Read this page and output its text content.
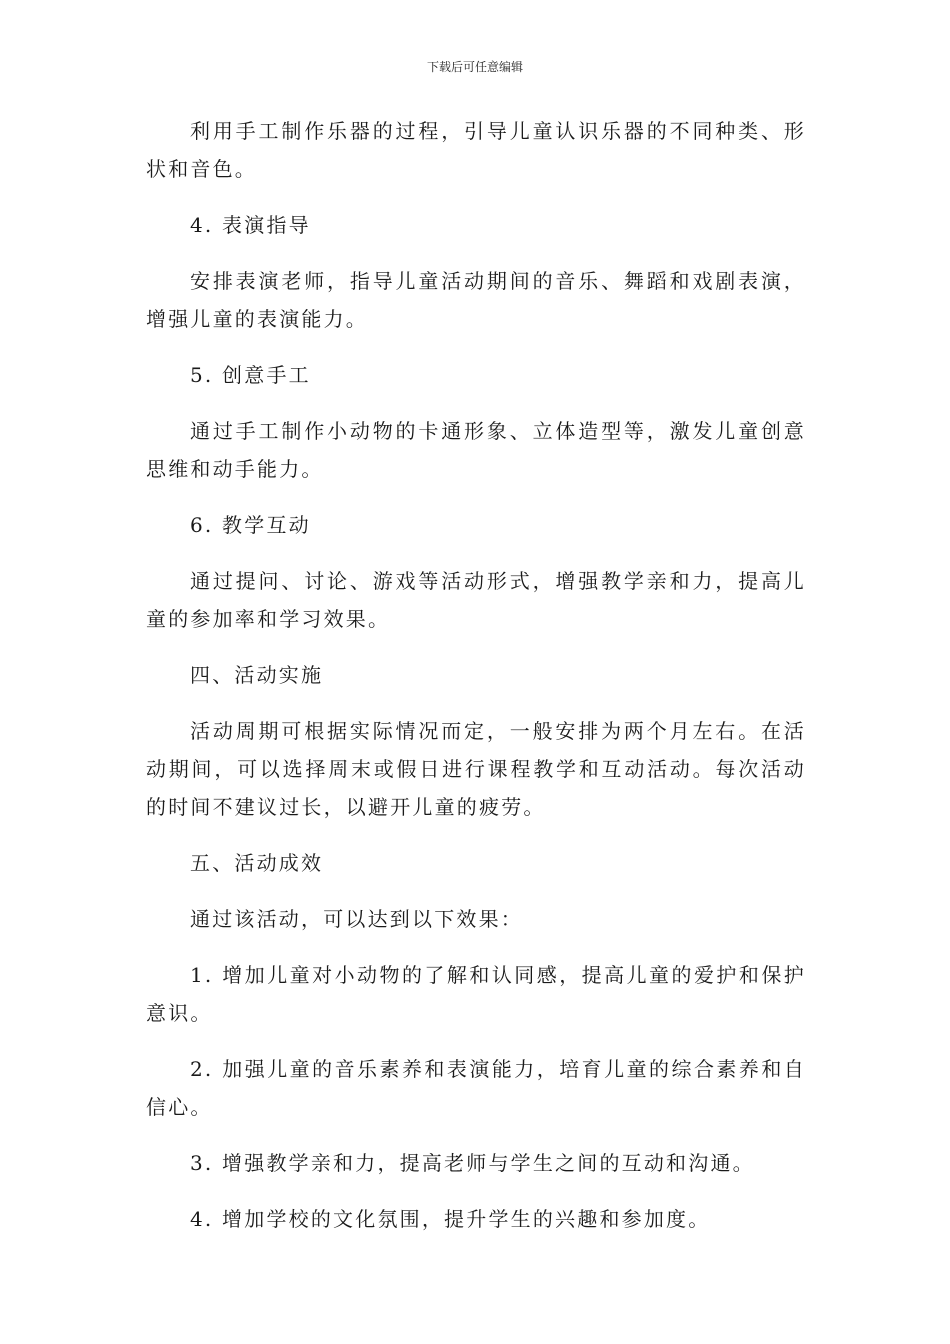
下载后可任意编辑

利用手工制作乐器的过程，引导儿童认识乐器的不同种类、形状和音色。

4. 表演指导

安排表演老师，指导儿童活动期间的音乐、舞蹈和戏剧表演，增强儿童的表演能力。

5. 创意手工

通过手工制作小动物的卡通形象、立体造型等，激发儿童创意思维和动手能力。

6. 教学互动

通过提问、讨论、游戏等活动形式，增强教学亲和力，提高儿童的参加率和学习效果。

四、活动实施

活动周期可根据实际情况而定，一般安排为两个月左右。在活动期间，可以选择周末或假日进行课程教学和互动活动。每次活动的时间不建议过长，以避开儿童的疲劳。

五、活动成效

通过该活动，可以达到以下效果：

1. 增加儿童对小动物的了解和认同感，提高儿童的爱护和保护意识。

2. 加强儿童的音乐素养和表演能力，培育儿童的综合素养和自信心。

3. 增强教学亲和力，提高老师与学生之间的互动和沟通。

4. 增加学校的文化氛围，提升学生的兴趣和参加度。
